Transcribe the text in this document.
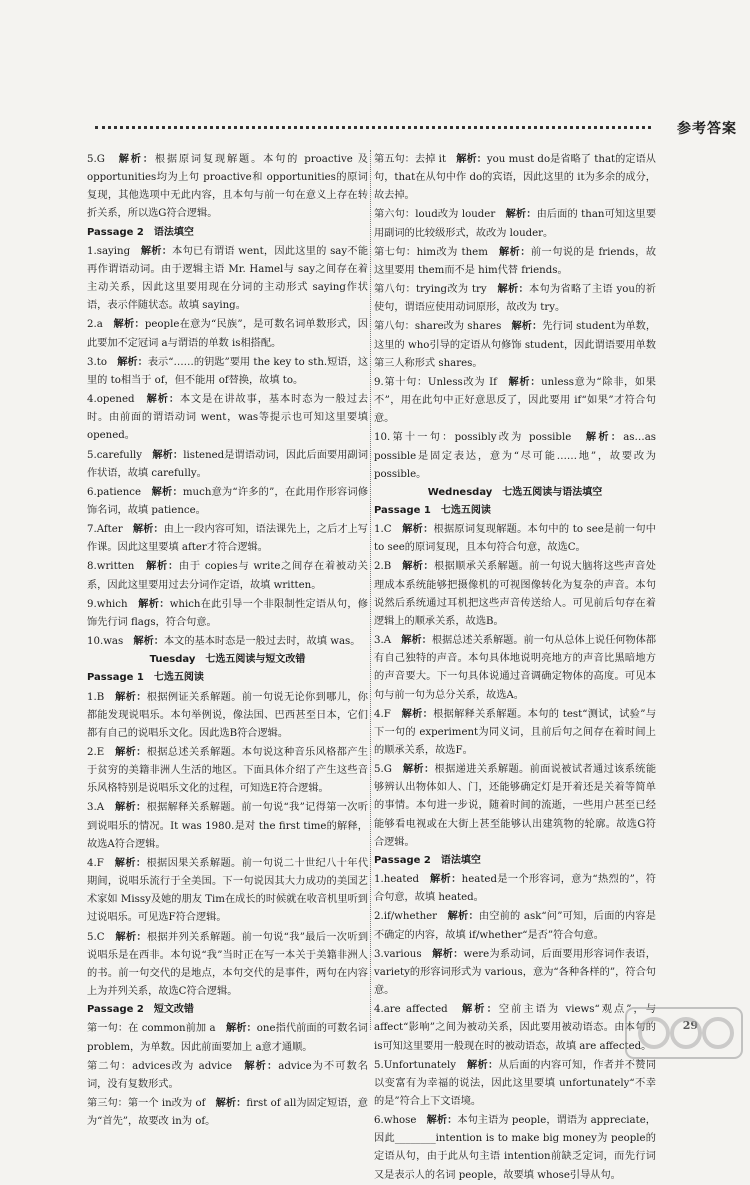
参考答案
5.G　解析：根据原词复现解题。本句的 proactive 及 opportunities均为上句 proactive和 opportunities的原词复现，其他选项中无此内容，且本句与前一句在意义上存在转折关系，所以选G符合逻辑。
Passage 2　语法填空
1.saying　解析：本句已有谓语 went，因此这里的 say不能再作谓语动词。由于逻辑主语 Mr. Hamel与 say之间存在着主动关系，因此这里要用现在分词的主动形式 saying作状语，表示伴随状态。故填 saying。
2.a　解析：people在意为“民族”，是可数名词单数形式，因此要加不定冠词 a与谓语的单数 is相搭配。
3.to　解析：表示“……的钥匙”要用 the key to sth.短语，这里的 to相当于 of，但不能用 of替换，故填 to。
4.opened　解析：本文是在讲故事，基本时态为一般过去时。由前面的谓语动词 went，was等提示也可知这里要填 opened。
5.carefully　解析：listened是谓语动词，因此后面要用副词作状语，故填 carefully。
6.patience　解析：much意为“许多的”，在此用作形容词修饰名词，故填 patience。
7.After　解析：由上一段内容可知，语法课先上，之后才上写作课。因此这里要填 after才符合逻辑。
8.written　解析：由于 copies与 write之间存在着被动关系，因此这里要用过去分词作定语，故填 written。
9.which　解析：which在此引导一个非限制性定语从句，修饰先行词 flags，符合句意。
10.was　解析：本文的基本时态是一般过去时，故填 was。
Tuesday　七选五阅读与短文改错
Passage 1　七选五阅读
1.B　解析：根据例证关系解题。前一句说无论你到哪儿，你都能发现说唱乐。本句举例说，像法国、巴西甚至日本，它们都有自己的说唱乐文化。因此选B符合逻辑。
2.E　解析：根据总述关系解题。本句说这种音乐风格都产生于贫穷的美籍非洲人生活的地区。下面具体介绍了产生这些音乐风格特别是说唱乐文化的过程，可知选E符合逻辑。
3.A　解析：根据解释关系解题。前一句说“我”记得第一次听到说唱乐的情况。It was 1980.是对 the first time的解释，故选A符合逻辑。
4.F　解析：根据因果关系解题。前一句说二十世纪八十年代期间，说唱乐流行于全美国。下一句说因其大力成功的美国艺术家如 Missy及她的朋友 Tim在成长的时候就在收音机里听到过说唱乐。可见选F符合逻辑。
5.C　解析：根据并列关系解题。前一句说“我”最后一次听到说唱乐是在西非。本句说“我”当时正在写一本关于美籍非洲人的书。前一句交代的是地点，本句交代的是事件，两句在内容上为并列关系，故选C符合逻辑。
Passage 2　短文改错
第一句：在 common前加 a　解析：one指代前面的可数名词 problem，为单数。因此前面要加上 a意才通顺。
第二句：advices改为 advice　解析：advice为不可数名词，没有复数形式。
第三句：第一个 in改为 of　解析：first of all为固定短语，意为“首先”，故要改 in为 of。
第五句：去掉 it　解析：you must do是省略了 that的定语从句，that在从句中作 do的宾语，因此这里的 it为多余的成分，故去掉。
第六句：loud改为 louder　解析：由后面的 than可知这里要用副词的比较级形式，故改为 louder。
第七句：him改为 them　解析：前一句说的是 friends，故这里要用 them而不是 him代替 friends。
第八句：trying改为 try　解析：本句为省略了主语 you的祈使句，谓语应使用动词原形，故改为 try。
第八句：share改为 shares　解析：先行词 student为单数，这里的 who引导的定语从句修饰 student，因此谓语要用单数第三人称形式 shares。
9.第十句：Unless改为 If　解析：unless意为“除非，如果不”，用在此句中正好意思反了，因此要用 if“如果”才符合句意。
10.第十一句：possibly改为 possible　解析：as…as possible是固定表达，意为“尽可能……地”，故要改为 possible。
Wednesday　七选五阅读与语法填空
Passage 1　七选五阅读
1.C　解析：根据原词复现解题。本句中的 to see是前一句中 to see的原词复现，且本句符合句意，故选C。
2.B　解析：根据顺承关系解题。前一句说大脑将这些声音处理成本系统能够把摄像机的可视图像转化为复杂的声音。本句说然后系统通过耳机把这些声音传送给人。可见前后句存在着逻辑上的顺承关系，故选B。
3.A　解析：根据总述关系解题。前一句从总体上说任何物体都有自己独特的声音。本句具体地说明亮地方的声音比黑暗地方的声音要大。下一句具体说通过音调确定物体的高度。可见本句与前一句为总分关系，故选A。
4.F　解析：根据解释关系解题。本句的 test“测试，试验”与下一句的 experiment为同义词，且前后句之间存在着时间上的顺承关系，故选F。
5.G　解析：根据递进关系解题。前面说被试者通过该系统能够辨认出物体如人、门，还能够确定灯是开着还是关着等简单的事情。本句进一步说，随着时间的流逝，一些用户甚至已经能够看电视或在大街上甚至能够认出建筑物的轮廓。故选G符合逻辑。
Passage 2　语法填空
1.heated　解析：heated是一个形容词，意为“热烈的”，符合句意，故填 heated。
2.if/whether　解析：由空前的 ask“问”可知，后面的内容是不确定的内容，故填 if/whether“是否”符合句意。
3.various　解析：were为系动词，后面要用形容词作表语，variety的形容词形式为 various，意为“各种各样的”，符合句意。
4.are affected　解析：空前主语为 views“观点”，与 affect“影响”之间为被动关系，因此要用被动语态。由本句的 is可知这里要用一般现在时的被动语态，故填 are affected。
5.Unfortunately　解析：从后面的内容可知，作者并不赞同以变富有为幸福的说法，因此这里要填 unfortunately“不幸的是”符合上下文语境。
6.whose　解析：本句主语为 people，谓语为 appreciate，因此________intention is to make big money为 people的定语从句，由于此从句主语 intention前缺乏定词，而先行词又是表示人的名词 people，故要填 whose引导从句。
29
